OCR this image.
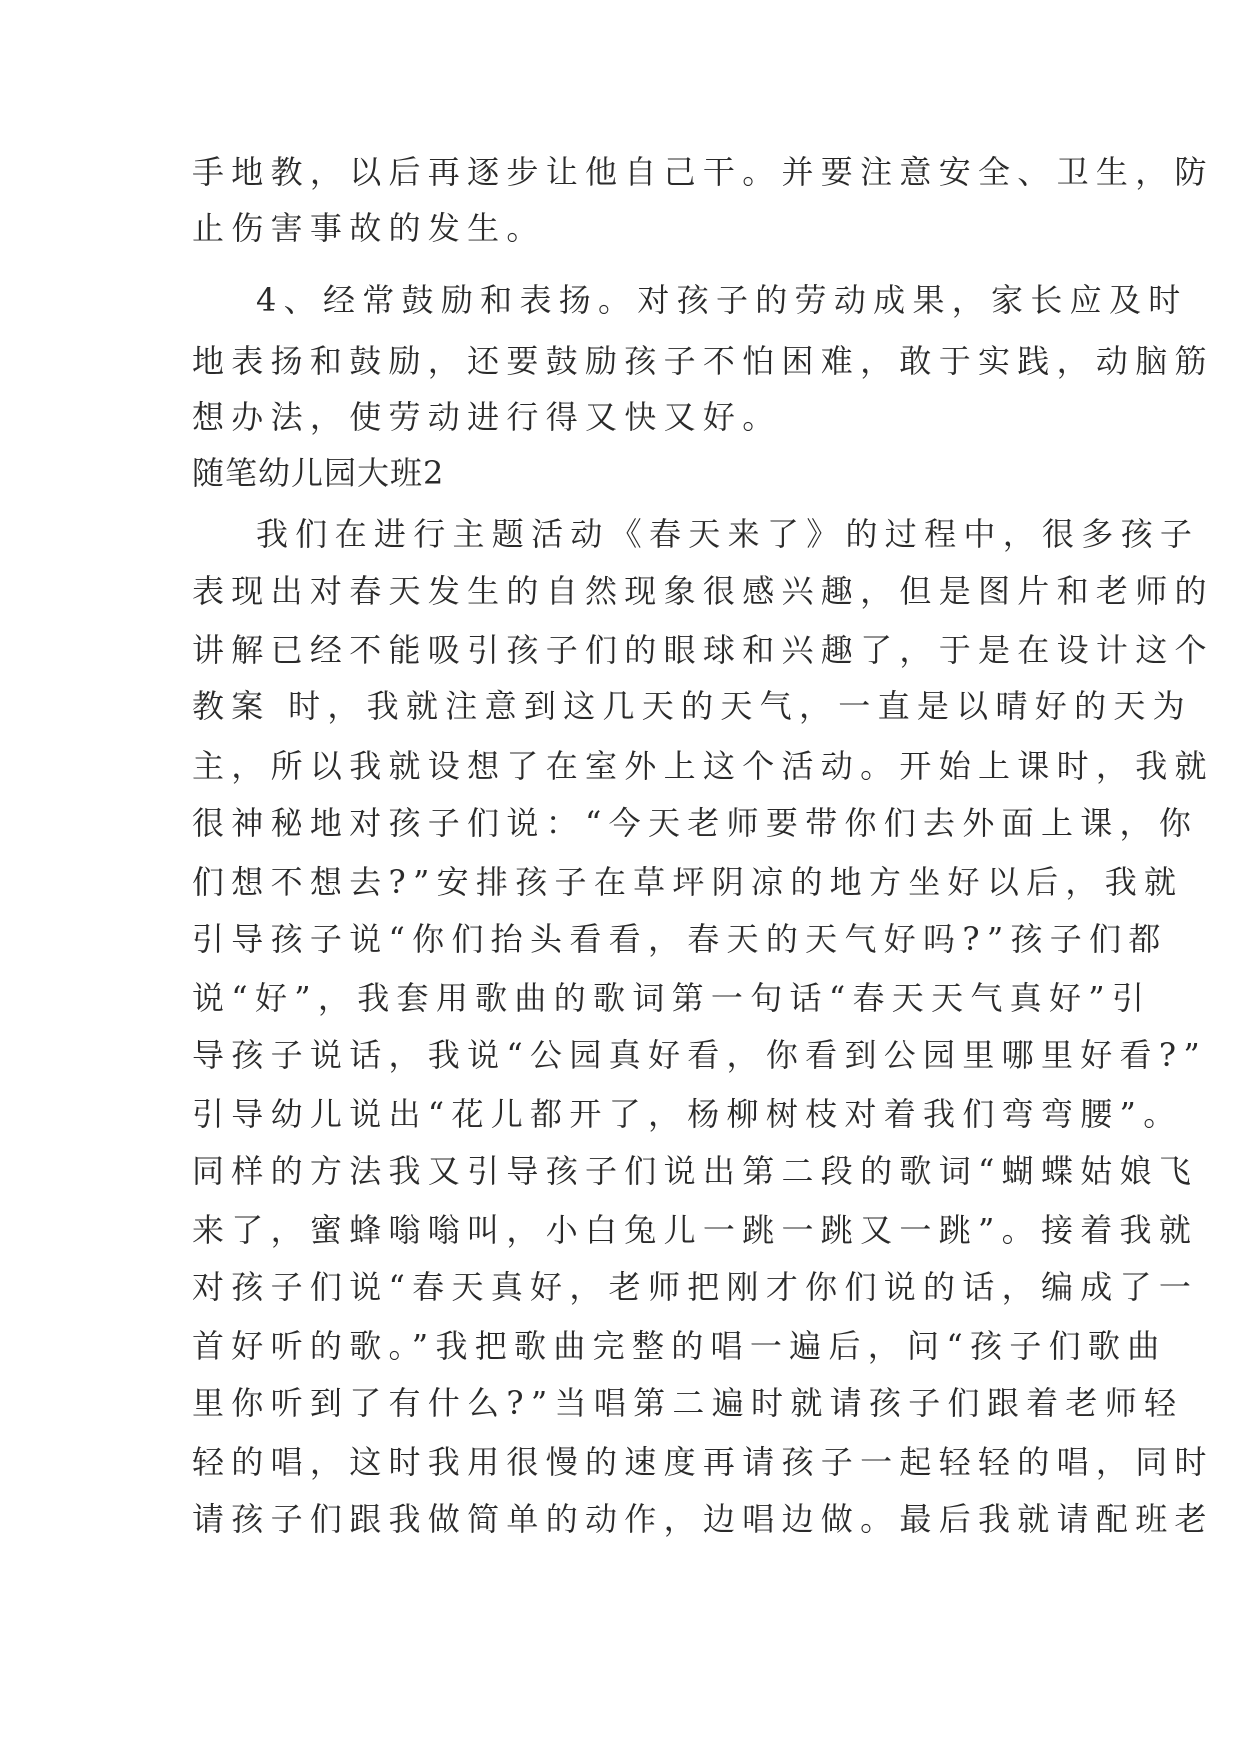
手地教，以后再逐步让他自己干。并要注意安全、卫生，防
止伤害事故的发生。
4、经常鼓励和表扬。对孩子的劳动成果，家长应及时
地表扬和鼓励，还要鼓励孩子不怕困难，敢于实践，动脑筋
想办法，使劳动进行得又快又好。
随笔幼儿园大班2
我们在进行主题活动《春天来了》的过程中，很多孩子
表现出对春天发生的自然现象很感兴趣，但是图片和老师的
讲解已经不能吸引孩子们的眼球和兴趣了，于是在设计这个
教案 时，我就注意到这几天的天气，一直是以晴好的天为
主，所以我就设想了在室外上这个活动。开始上课时，我就
很神秘地对孩子们说：“今天老师要带你们去外面上课，你
们想不想去?”安排孩子在草坪阴凉的地方坐好以后，我就
引导孩子说“你们抬头看看，春天的天气好吗?”孩子们都
说“好”，我套用歌曲的歌词第一句话“春天天气真好”引
导孩子说话，我说“公园真好看，你看到公园里哪里好看?”
引导幼儿说出“花儿都开了，杨柳树枝对着我们弯弯腰”。
同样的方法我又引导孩子们说出第二段的歌词“蝴蝶姑娘飞
来了，蜜蜂嗡嗡叫，小白兔儿一跳一跳又一跳”。接着我就
对孩子们说“春天真好，老师把刚才你们说的话，编成了一
首好听的歌。”我把歌曲完整的唱一遍后，问“孩子们歌曲
里你听到了有什么?”当唱第二遍时就请孩子们跟着老师轻
轻的唱，这时我用很慢的速度再请孩子一起轻轻的唱，同时
请孩子们跟我做简单的动作，边唱边做。最后我就请配班老
